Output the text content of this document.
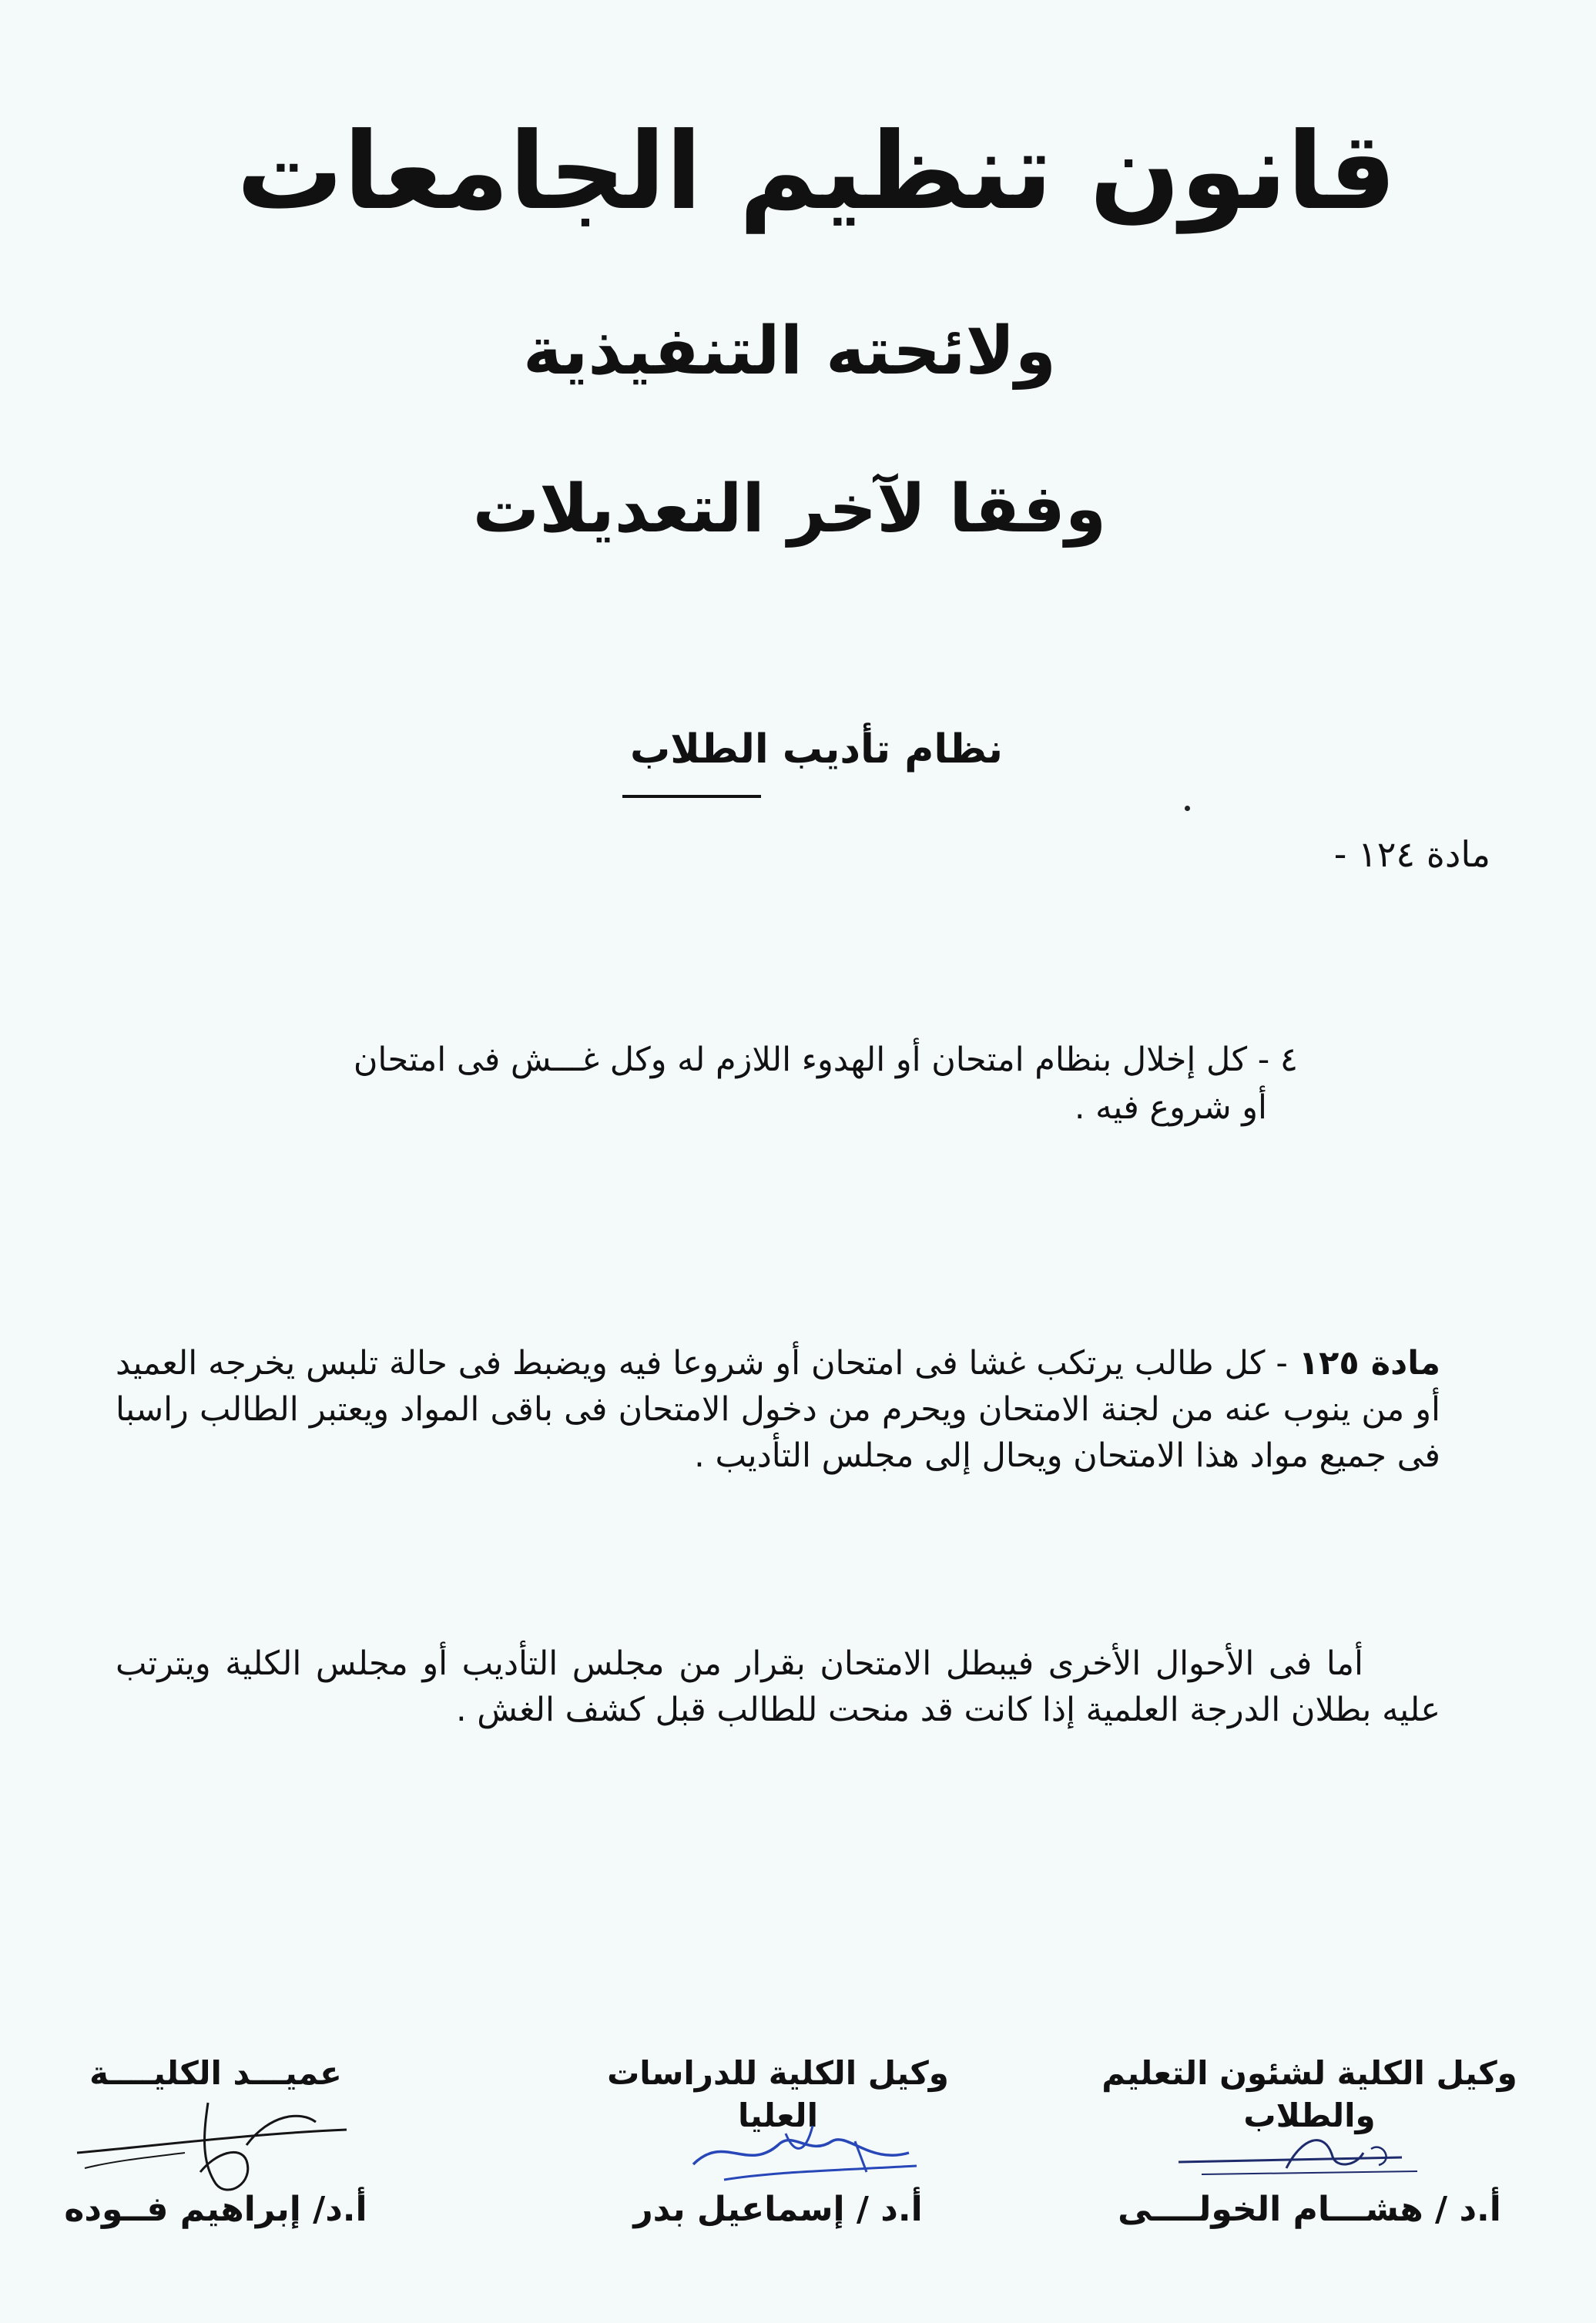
قانون تنظيم الجامعات
ولائحته التنفيذية
وفقا لآخر التعديلات
نظام تأديب الطلاب
مادة ١٢٤ -
٤ - كل إخلال بنظام امتحان أو الهدوء اللازم له وكل غـــش فى امتحان
أو شروع فيه .
مادة ١٢٥ - كل طالب يرتكب غشا فى امتحان أو شروعا فيه ويضبط فى حالة تلبس يخرجه العميد أو من ينوب عنه من لجنة الامتحان ويحرم من دخول الامتحان فى باقى المواد ويعتبر الطالب راسبا فى جميع مواد هذا الامتحان ويحال إلى مجلس التأديب .
أما فى الأحوال الأخرى فيبطل الامتحان بقرار من مجلس التأديب أو مجلس الكلية ويترتب عليه بطلان الدرجة العلمية إذا كانت قد منحت للطالب قبل كشف الغش .
وكيل الكلية لشئون التعليم والطلاب
أ.د / هشـــام الخولــــى
وكيل الكلية للدراسات العليا
أ.د / إسماعيل بدر
عميـــد الكليــــة
أ.د/ إبراهيم فــوده
